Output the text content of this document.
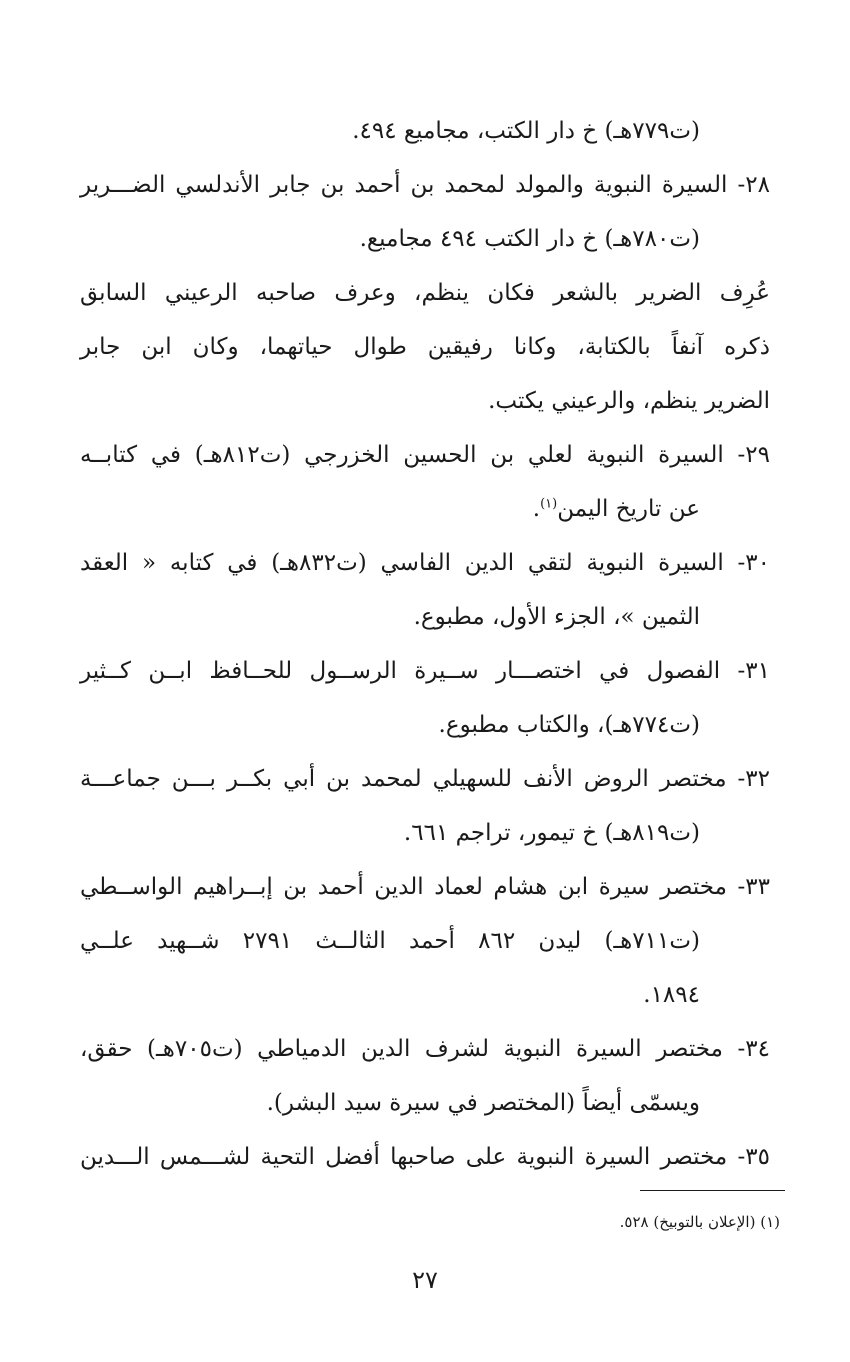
(ت٧٧٩هـ) خ دار الكتب، مجاميع ٤٩٤.
٢٨- السيرة النبوية والمولد لمحمد بن أحمد بن جابر الأندلسي الضـــرير
(ت٧٨٠هـ) خ دار الكتب ٤٩٤ مجاميع.
عُرِف الضرير بالشعر فكان ينظم، وعرف صاحبه الرعيني السابق
ذكره آنفاً بالكتابة، وكانا رفيقين طوال حياتهما، وكان ابن جابر
الضرير ينظم، والرعيني يكتب.
٢٩- السيرة النبوية لعلي بن الحسين الخزرجي (ت٨١٢هـ) في كتابــه
عن تاريخ اليمن$^{(١)}$.
٣٠- السيرة النبوية لتقي الدين الفاسي (ت٨٣٢هـ) في كتابه « العقد
الثمين »، الجزء الأول، مطبوع.
٣١- الفصول في اختصـــار ســيرة الرســول للحــافظ ابــن كــثير
(ت٧٧٤هـ)، والكتاب مطبوع.
٣٢- مختصر الروض الأنف للسهيلي لمحمد بن أبي بكــر بـــن جماعـــة
(ت٨١٩هـ) خ تيمور، تراجم ٦٦١.
٣٣- مختصر سيرة ابن هشام لعماد الدين أحمد بن إبــراهيم الواســطي
(ت٧١١هـ) ليدن ٨٦٢ أحمد الثالــث ٢٧٩١ شــهيد علــي
١٨٩٤.
٣٤- مختصر السيرة النبوية لشرف الدين الدمياطي (ت٧٠٥هـ) حقق،
ويسمّى أيضاً (المختصر في سيرة سيد البشر).
٣٥- مختصر السيرة النبوية على صاحبها أفضل التحية لشـــمس الـــدين
(١) (الإعلان بالتوبيخ) ٥٢٨.
٢٧
